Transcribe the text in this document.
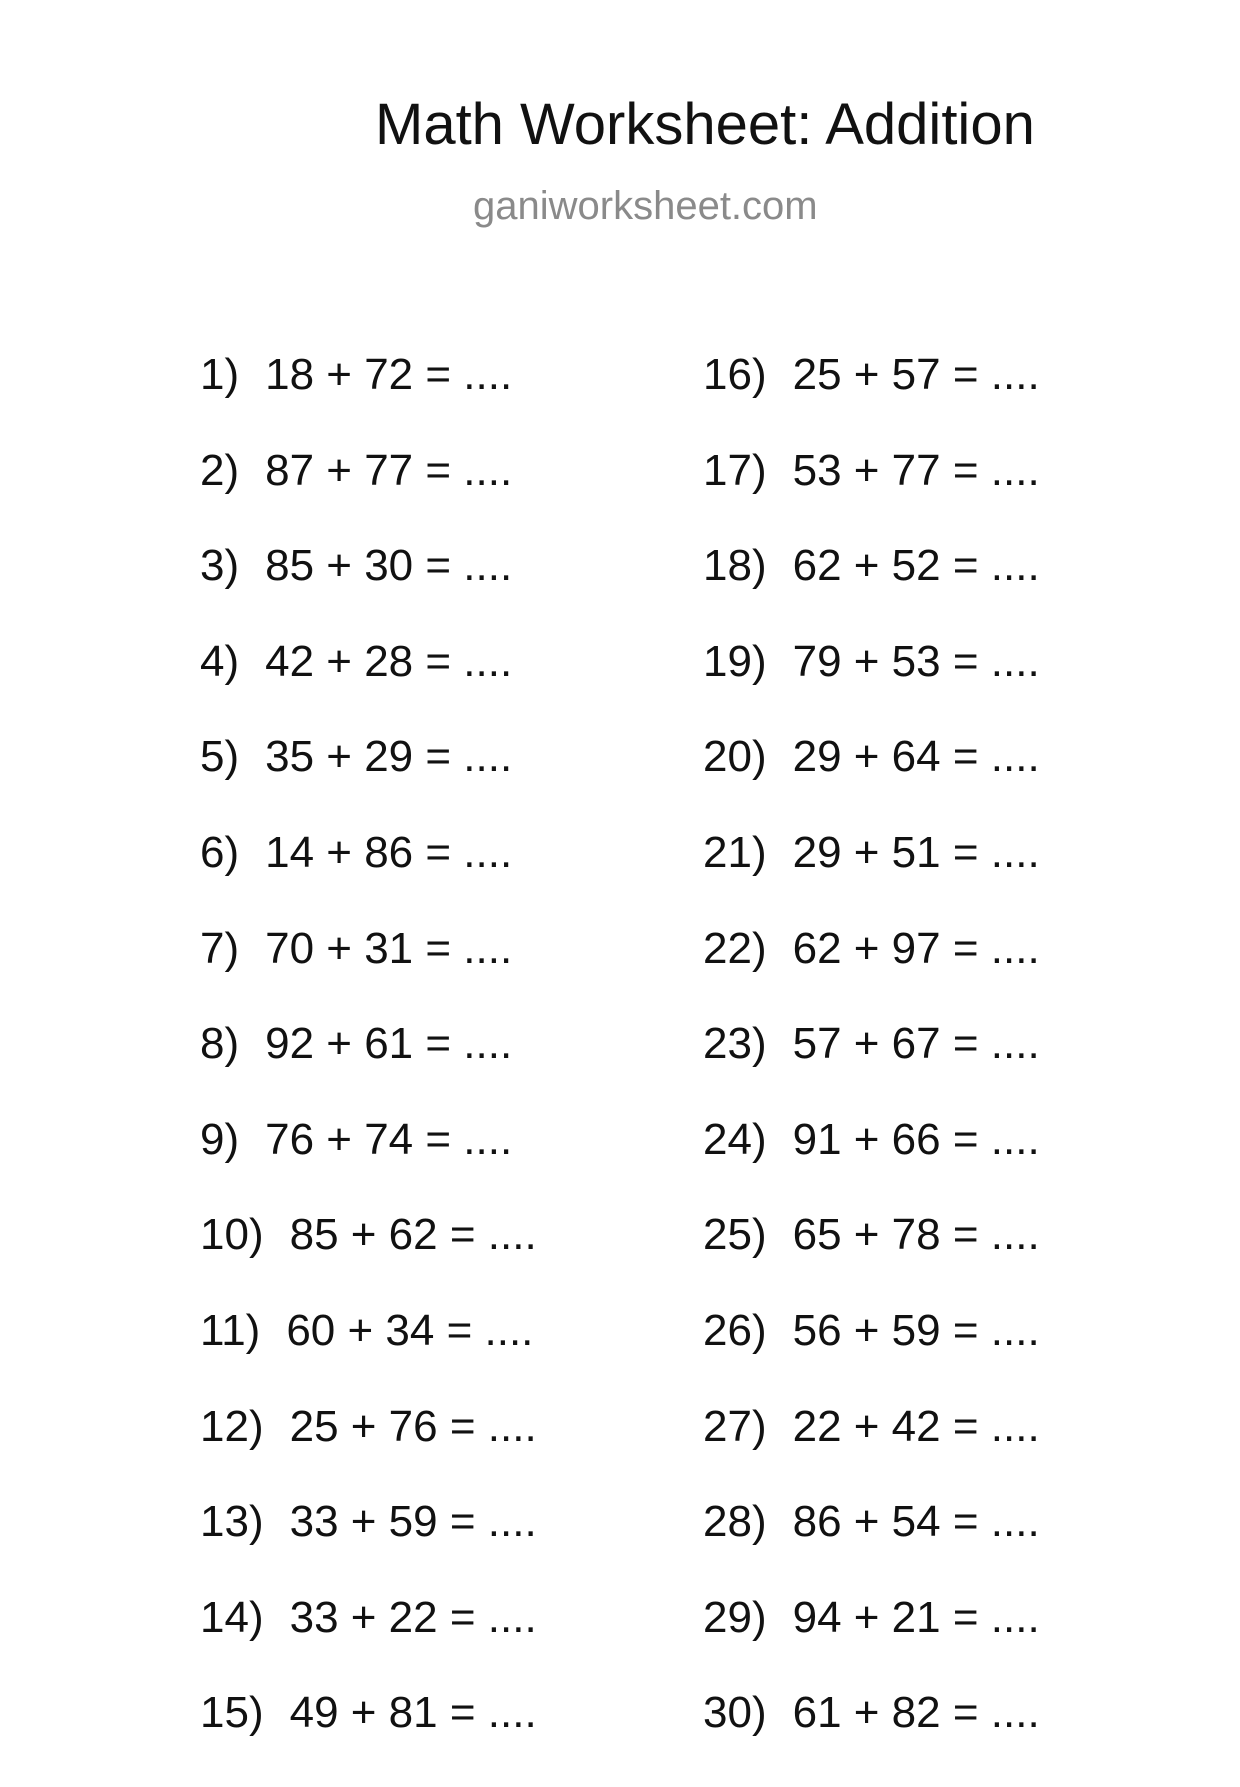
Math Worksheet: Addition
ganiworksheet.com
1) 18 + 72 = ....
2) 87 + 77 = ....
3) 85 + 30 = ....
4) 42 + 28 = ....
5) 35 + 29 = ....
6) 14 + 86 = ....
7) 70 + 31 = ....
8) 92 + 61 = ....
9) 76 + 74 = ....
10) 85 + 62 = ....
11) 60 + 34 = ....
12) 25 + 76 = ....
13) 33 + 59 = ....
14) 33 + 22 = ....
15) 49 + 81 = ....
16) 25 + 57 = ....
17) 53 + 77 = ....
18) 62 + 52 = ....
19) 79 + 53 = ....
20) 29 + 64 = ....
21) 29 + 51 = ....
22) 62 + 97 = ....
23) 57 + 67 = ....
24) 91 + 66 = ....
25) 65 + 78 = ....
26) 56 + 59 = ....
27) 22 + 42 = ....
28) 86 + 54 = ....
29) 94 + 21 = ....
30) 61 + 82 = ....
